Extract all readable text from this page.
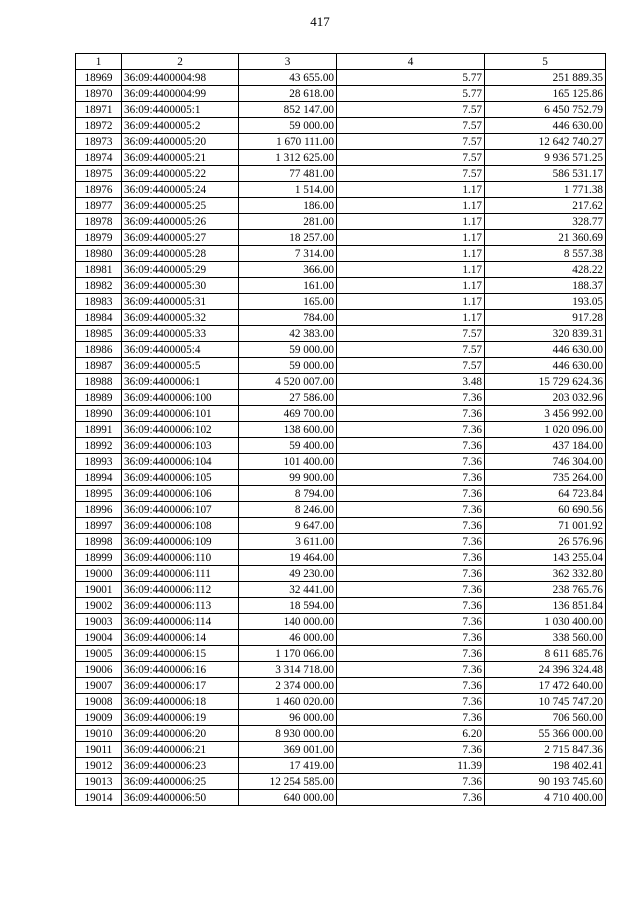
417
1	2	3	4	5
18969	36:09:4400004:98	43 655.00	5.77	251 889.35
18970	36:09:4400004:99	28 618.00	5.77	165 125.86
18971	36:09:4400005:1	852 147.00	7.57	6 450 752.79
18972	36:09:4400005:2	59 000.00	7.57	446 630.00
18973	36:09:4400005:20	1 670 111.00	7.57	12 642 740.27
18974	36:09:4400005:21	1 312 625.00	7.57	9 936 571.25
18975	36:09:4400005:22	77 481.00	7.57	586 531.17
18976	36:09:4400005:24	1 514.00	1.17	1 771.38
18977	36:09:4400005:25	186.00	1.17	217.62
18978	36:09:4400005:26	281.00	1.17	328.77
18979	36:09:4400005:27	18 257.00	1.17	21 360.69
18980	36:09:4400005:28	7 314.00	1.17	8 557.38
18981	36:09:4400005:29	366.00	1.17	428.22
18982	36:09:4400005:30	161.00	1.17	188.37
18983	36:09:4400005:31	165.00	1.17	193.05
18984	36:09:4400005:32	784.00	1.17	917.28
18985	36:09:4400005:33	42 383.00	7.57	320 839.31
18986	36:09:4400005:4	59 000.00	7.57	446 630.00
18987	36:09:4400005:5	59 000.00	7.57	446 630.00
18988	36:09:4400006:1	4 520 007.00	3.48	15 729 624.36
18989	36:09:4400006:100	27 586.00	7.36	203 032.96
18990	36:09:4400006:101	469 700.00	7.36	3 456 992.00
18991	36:09:4400006:102	138 600.00	7.36	1 020 096.00
18992	36:09:4400006:103	59 400.00	7.36	437 184.00
18993	36:09:4400006:104	101 400.00	7.36	746 304.00
18994	36:09:4400006:105	99 900.00	7.36	735 264.00
18995	36:09:4400006:106	8 794.00	7.36	64 723.84
18996	36:09:4400006:107	8 246.00	7.36	60 690.56
18997	36:09:4400006:108	9 647.00	7.36	71 001.92
18998	36:09:4400006:109	3 611.00	7.36	26 576.96
18999	36:09:4400006:110	19 464.00	7.36	143 255.04
19000	36:09:4400006:111	49 230.00	7.36	362 332.80
19001	36:09:4400006:112	32 441.00	7.36	238 765.76
19002	36:09:4400006:113	18 594.00	7.36	136 851.84
19003	36:09:4400006:114	140 000.00	7.36	1 030 400.00
19004	36:09:4400006:14	46 000.00	7.36	338 560.00
19005	36:09:4400006:15	1 170 066.00	7.36	8 611 685.76
19006	36:09:4400006:16	3 314 718.00	7.36	24 396 324.48
19007	36:09:4400006:17	2 374 000.00	7.36	17 472 640.00
19008	36:09:4400006:18	1 460 020.00	7.36	10 745 747.20
19009	36:09:4400006:19	96 000.00	7.36	706 560.00
19010	36:09:4400006:20	8 930 000.00	6.20	55 366 000.00
19011	36:09:4400006:21	369 001.00	7.36	2 715 847.36
19012	36:09:4400006:23	17 419.00	11.39	198 402.41
19013	36:09:4400006:25	12 254 585.00	7.36	90 193 745.60
19014	36:09:4400006:50	640 000.00	7.36	4 710 400.00
